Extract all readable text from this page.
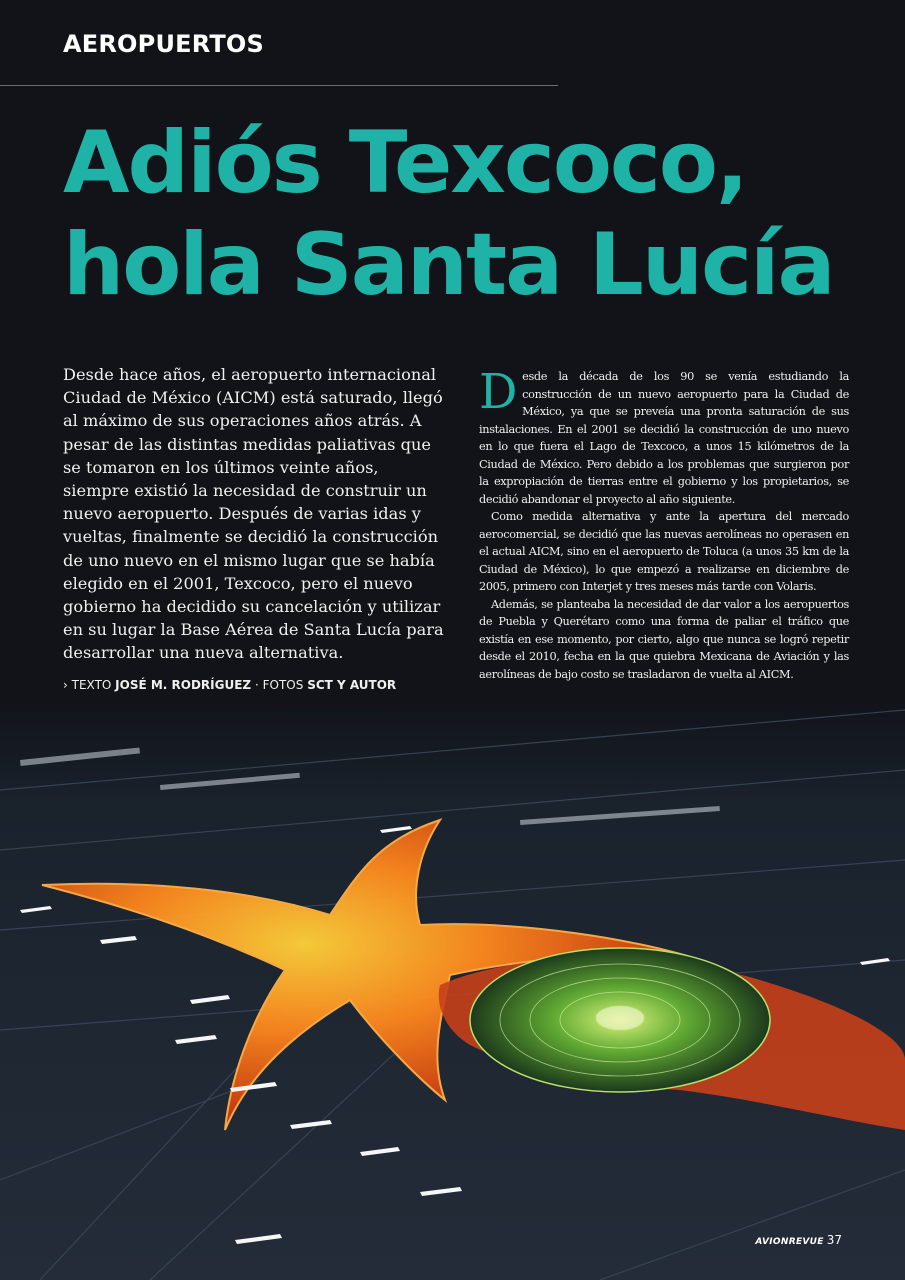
AEROPUERTOS
Adiós Texcoco,
hola Santa Lucía

Desde hace años, el aeropuerto internacional Ciudad de México (AICM) está saturado, llegó al máximo de sus operaciones años atrás. A pesar de las distintas medidas paliativas que se tomaron en los últimos veinte años, siempre existió la necesidad de construir un nuevo aeropuerto. Después de varias idas y vueltas, finalmente se decidió la construcción de uno nuevo en el mismo lugar que se había elegido en el 2001, Texcoco, pero el nuevo gobierno ha decidido su cancelación y utilizar en su lugar la Base Aérea de Santa Lucía para desarrollar una nueva alternativa.

› TEXTO JOSÉ M. RODRÍGUEZ · FOTOS SCT Y AUTOR

Desde la década de los 90 se venía estudiando la construcción de un nuevo aeropuerto para la Ciudad de México, ya que se preveía una pronta saturación de sus instalaciones. En el 2001 se decidió la construcción de uno nuevo en lo que fuera el Lago de Texcoco, a unos 15 kilómetros de la Ciudad de México. Pero debido a los problemas que surgieron por la expropiación de tierras entre el gobierno y los propietarios, se decidió abandonar el proyecto al año siguiente.

Como medida alternativa y ante la apertura del mercado aerocomercial, se decidió que las nuevas aerolíneas no operasen en el actual AICM, sino en el aeropuerto de Toluca (a unos 35 km de la Ciudad de México), lo que empezó a realizarse en diciembre de 2005, primero con Interjet y tres meses más tarde con Volaris.

Además, se planteaba la necesidad de dar valor a los aeropuertos de Puebla y Querétaro como una forma de paliar el tráfico que existía en ese momento, por cierto, algo que nunca se logró repetir desde el 2010, fecha en la que quiebra Mexicana de Aviación y las aerolíneas de bajo costo se trasladaron de vuelta al AICM.

AVIONREVUE 37
